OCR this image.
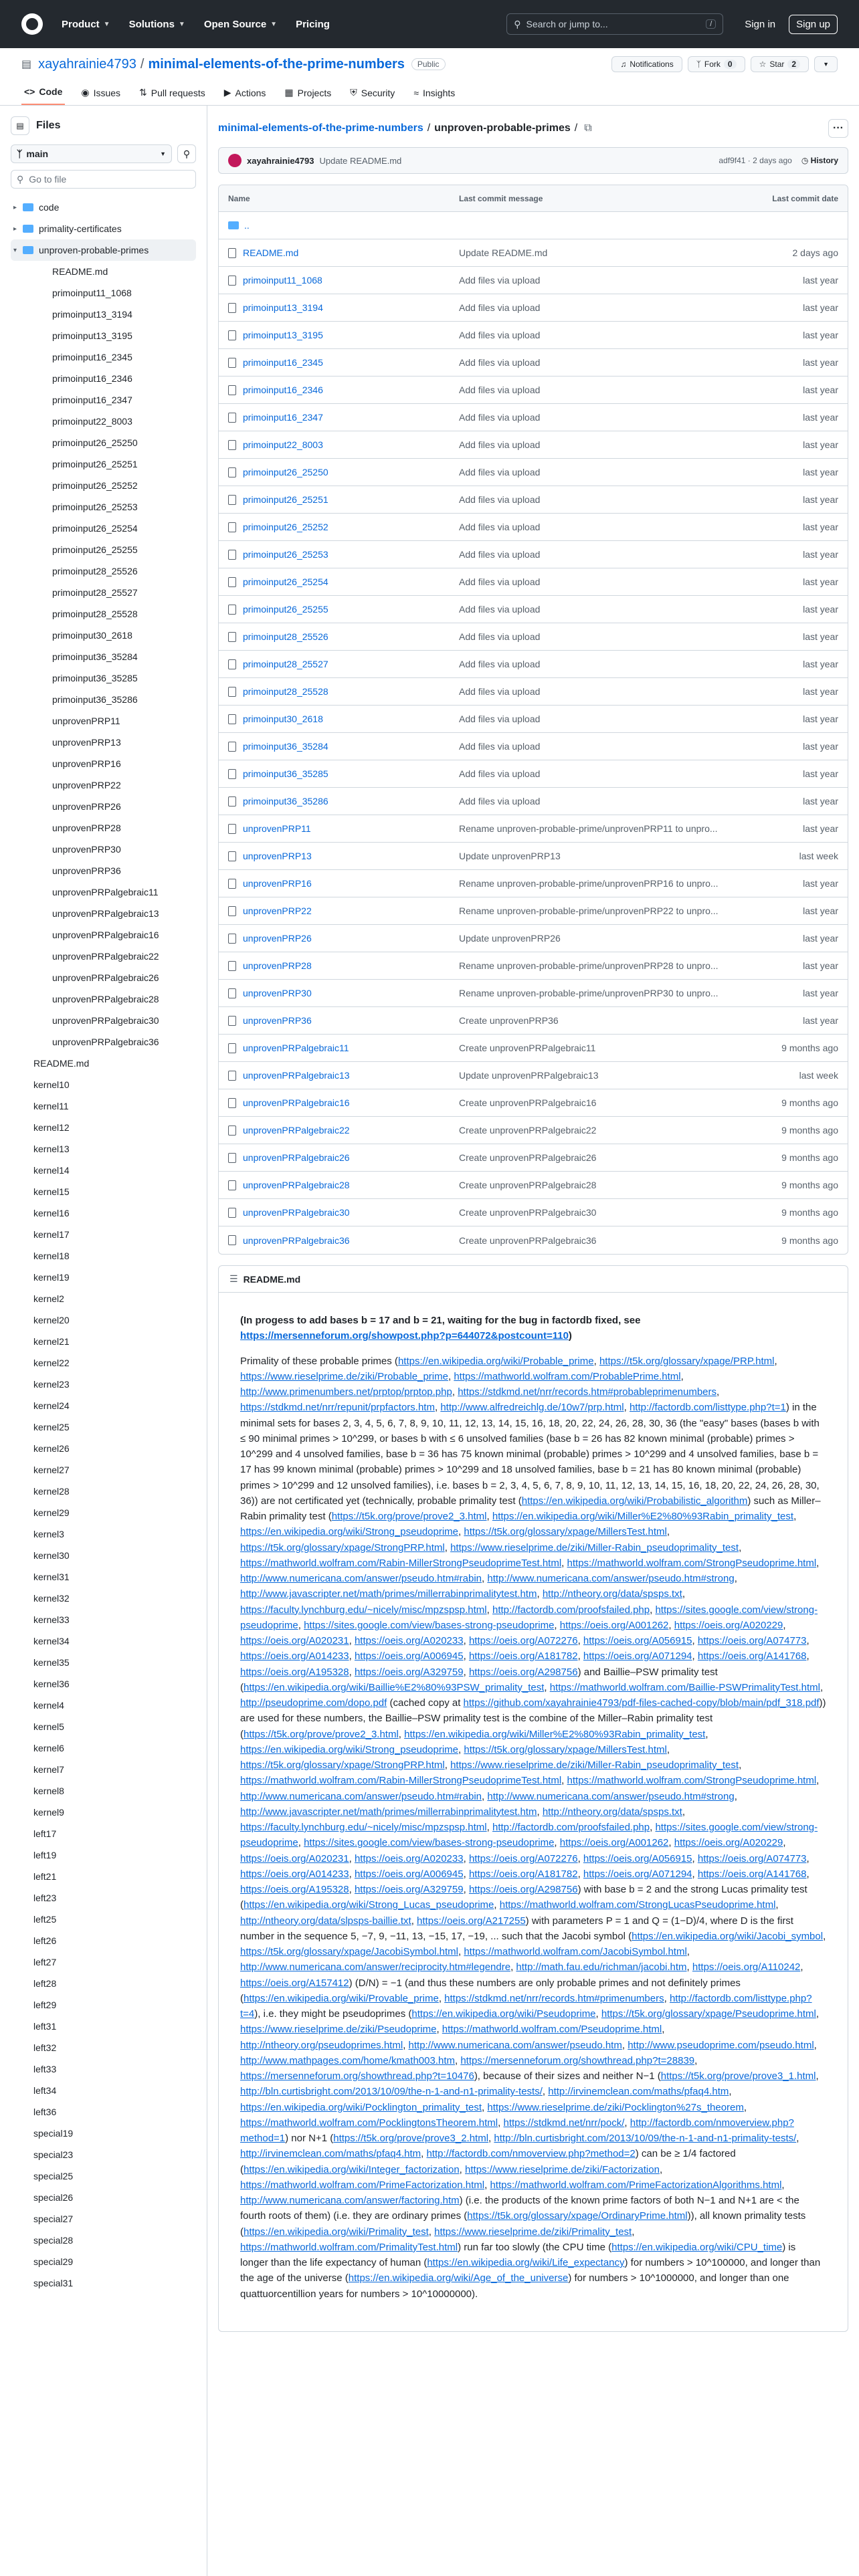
Product ▼ Solutions ▼ Open Source ▼ Pricing	⚲ Search or jump to...	/	Sign in	Sign up
▤ xayahrainie4793 / minimal-elements-of-the-prime-numbers	Public	♫ Notifications	ᛉ Fork 0	☆ Star 2	▼
<> Code ◉ Issues ⇅ Pull requests ▶ Actions ▦ Projects ⛨ Security ≈ Insights
▤	Files
ᛉ main	▼	⚲
⚲ Go to file
▸	code
▸	primality-certificates
▾	unproven-probable-primes
README.md
primoinput11_1068
primoinput13_3194
primoinput13_3195
primoinput16_2345
primoinput16_2346
primoinput16_2347
primoinput22_8003
primoinput26_25250
primoinput26_25251
primoinput26_25252
primoinput26_25253
primoinput26_25254
primoinput26_25255
primoinput28_25526
primoinput28_25527
primoinput28_25528
primoinput30_2618
primoinput36_35284
primoinput36_35285
primoinput36_35286
unprovenPRP11
unprovenPRP13
unprovenPRP16
unprovenPRP22
unprovenPRP26
unprovenPRP28
unprovenPRP30
unprovenPRP36
unprovenPRPalgebraic11
unprovenPRPalgebraic13
unprovenPRPalgebraic16
unprovenPRPalgebraic22
unprovenPRPalgebraic26
unprovenPRPalgebraic28
unprovenPRPalgebraic30
unprovenPRPalgebraic36
README.md
kernel10
kernel11
kernel12
kernel13
kernel14
kernel15
kernel16
kernel17
kernel18
kernel19
kernel2
kernel20
kernel21
kernel22
kernel23
kernel24
kernel25
kernel26
kernel27
kernel28
kernel29
kernel3
kernel30
kernel31
kernel32
kernel33
kernel34
kernel35
kernel36
kernel4
kernel5
kernel6
kernel7
kernel8
kernel9
left17
left19
left21
left23
left25
left26
left27
left28
left29
left31
left32
left33
left34
left36
special19
special23
special25
special26
special27
special28
special29
special31
minimal-elements-of-the-prime-numbers / unproven-probable-primes / ⧉	···
xayahrainie4793 Update README.md	adf9f41 · 2 days ago ◷ History
Name	Last commit message	Last commit date
..
README.md	Update README.md	2 days ago
primoinput11_1068	Add files via upload	last year
primoinput13_3194	Add files via upload	last year
primoinput13_3195	Add files via upload	last year
primoinput16_2345	Add files via upload	last year
primoinput16_2346	Add files via upload	last year
primoinput16_2347	Add files via upload	last year
primoinput22_8003	Add files via upload	last year
primoinput26_25250	Add files via upload	last year
primoinput26_25251	Add files via upload	last year
primoinput26_25252	Add files via upload	last year
primoinput26_25253	Add files via upload	last year
primoinput26_25254	Add files via upload	last year
primoinput26_25255	Add files via upload	last year
primoinput28_25526	Add files via upload	last year
primoinput28_25527	Add files via upload	last year
primoinput28_25528	Add files via upload	last year
primoinput30_2618	Add files via upload	last year
primoinput36_35284	Add files via upload	last year
primoinput36_35285	Add files via upload	last year
primoinput36_35286	Add files via upload	last year
unprovenPRP11	Rename unproven-probable-prime/unprovenPRP11 to unpro...	last year
unprovenPRP13	Update unprovenPRP13	last week
unprovenPRP16	Rename unproven-probable-prime/unprovenPRP16 to unpro...	last year
unprovenPRP22	Rename unproven-probable-prime/unprovenPRP22 to unpro...	last year
unprovenPRP26	Update unprovenPRP26	last year
unprovenPRP28	Rename unproven-probable-prime/unprovenPRP28 to unpro...	last year
unprovenPRP30	Rename unproven-probable-prime/unprovenPRP30 to unpro...	last year
unprovenPRP36	Create unprovenPRP36	last year
unprovenPRPalgebraic11	Create unprovenPRPalgebraic11	9 months ago
unprovenPRPalgebraic13	Update unprovenPRPalgebraic13	last week
unprovenPRPalgebraic16	Create unprovenPRPalgebraic16	9 months ago
unprovenPRPalgebraic22	Create unprovenPRPalgebraic22	9 months ago
unprovenPRPalgebraic26	Create unprovenPRPalgebraic26	9 months ago
unprovenPRPalgebraic28	Create unprovenPRPalgebraic28	9 months ago
unprovenPRPalgebraic30	Create unprovenPRPalgebraic30	9 months ago
unprovenPRPalgebraic36	Create unprovenPRPalgebraic36	9 months ago
☰ README.md

(In progess to add bases b = 17 and b = 21, waiting for the bug in factordb fixed, see https://mersenneforum.org/showpost.php?p=644072&postcount=110)

Primality of these probable primes (https://en.wikipedia.org/wiki/Probable_prime, https://t5k.org/glossary/xpage/PRP.html, https://www.rieselprime.de/ziki/Probable_prime, https://mathworld.wolfram.com/ProbablePrime.html, http://www.primenumbers.net/prptop/prptop.php, https://stdkmd.net/nrr/records.htm#probableprimenumbers, https://stdkmd.net/nrr/repunit/prpfactors.htm, http://www.alfredreichlg.de/10w7/prp.html, http://factordb.com/listtype.php?t=1) in the minimal sets for bases 2, 3, 4, 5, 6, 7, 8, 9, 10, 11, 12, 13, 14, 15, 16, 18, 20, 22, 24, 26, 28, 30, 36 (the "easy" bases (bases b with ≤ 90 minimal primes > 10^299, or bases b with ≤ 6 unsolved families (base b = 26 has 82 known minimal (probable) primes > 10^299 and 4 unsolved families, base b = 36 has 75 known minimal (probable) primes > 10^299 and 4 unsolved families, base b = 17 has 99 known minimal (probable) primes > 10^299 and 18 unsolved families, base b = 21 has 80 known minimal (probable) primes > 10^299 and 12 unsolved families), i.e. bases b = 2, 3, 4, 5, 6, 7, 8, 9, 10, 11, 12, 13, 14, 15, 16, 18, 20, 22, 24, 26, 28, 30, 36)) are not certificated yet (technically, probable primality test (https://en.wikipedia.org/wiki/Probabilistic_algorithm) such as Miller–Rabin primality test (https://t5k.org/prove/prove2_3.html, https://en.wikipedia.org/wiki/Miller%E2%80%93Rabin_primality_test, https://en.wikipedia.org/wiki/Strong_pseudoprime, https://t5k.org/glossary/xpage/MillersTest.html, https://t5k.org/glossary/xpage/StrongPRP.html, https://www.rieselprime.de/ziki/Miller-Rabin_pseudoprimality_test, https://mathworld.wolfram.com/Rabin-MillerStrongPseudoprimeTest.html, https://mathworld.wolfram.com/StrongPseudoprime.html, http://www.numericana.com/answer/pseudo.htm#rabin, http://www.numericana.com/answer/pseudo.htm#strong, http://www.javascripter.net/math/primes/millerrabinprimalitytest.htm, http://ntheory.org/data/spsps.txt, https://faculty.lynchburg.edu/~nicely/misc/mpzspsp.html, http://factordb.com/proofsfailed.php, https://sites.google.com/view/strong-pseudoprime, https://sites.google.com/view/bases-strong-pseudoprime, https://oeis.org/A001262, https://oeis.org/A020229, https://oeis.org/A020231, https://oeis.org/A020233, https://oeis.org/A072276, https://oeis.org/A056915, https://oeis.org/A074773, https://oeis.org/A014233, https://oeis.org/A006945, https://oeis.org/A181782, https://oeis.org/A071294, https://oeis.org/A141768, https://oeis.org/A195328, https://oeis.org/A329759, https://oeis.org/A298756) and Baillie–PSW primality test (https://en.wikipedia.org/wiki/Baillie%E2%80%93PSW_primality_test, https://mathworld.wolfram.com/Baillie-PSWPrimalityTest.html, http://pseudoprime.com/dopo.pdf (cached copy at https://github.com/xayahrainie4793/pdf-files-cached-copy/blob/main/pdf_318.pdf)) are used for these numbers, the Baillie–PSW primality test is the combine of the Miller–Rabin primality test (https://t5k.org/prove/prove2_3.html, https://en.wikipedia.org/wiki/Miller%E2%80%93Rabin_primality_test, https://en.wikipedia.org/wiki/Strong_pseudoprime, https://t5k.org/glossary/xpage/MillersTest.html, https://t5k.org/glossary/xpage/StrongPRP.html, https://www.rieselprime.de/ziki/Miller-Rabin_pseudoprimality_test, https://mathworld.wolfram.com/Rabin-MillerStrongPseudoprimeTest.html, https://mathworld.wolfram.com/StrongPseudoprime.html, http://www.numericana.com/answer/pseudo.htm#rabin, http://www.numericana.com/answer/pseudo.htm#strong, http://www.javascripter.net/math/primes/millerrabinprimalitytest.htm, http://ntheory.org/data/spsps.txt, https://faculty.lynchburg.edu/~nicely/misc/mpzspsp.html, http://factordb.com/proofsfailed.php, https://sites.google.com/view/strong-pseudoprime, https://sites.google.com/view/bases-strong-pseudoprime, https://oeis.org/A001262, https://oeis.org/A020229, https://oeis.org/A020231, https://oeis.org/A020233, https://oeis.org/A072276, https://oeis.org/A056915, https://oeis.org/A074773, https://oeis.org/A014233, https://oeis.org/A006945, https://oeis.org/A181782, https://oeis.org/A071294, https://oeis.org/A141768, https://oeis.org/A195328, https://oeis.org/A329759, https://oeis.org/A298756) with base b = 2 and the strong Lucas primality test (https://en.wikipedia.org/wiki/Strong_Lucas_pseudoprime, https://mathworld.wolfram.com/StrongLucasPseudoprime.html, http://ntheory.org/data/slpsps-baillie.txt, https://oeis.org/A217255) with parameters P = 1 and Q = (1−D)/4, where D is the first number in the sequence 5, −7, 9, −11, 13, −15, 17, −19, ... such that the Jacobi symbol (https://en.wikipedia.org/wiki/Jacobi_symbol, https://t5k.org/glossary/xpage/JacobiSymbol.html, https://mathworld.wolfram.com/JacobiSymbol.html, http://www.numericana.com/answer/reciprocity.htm#legendre, http://math.fau.edu/richman/jacobi.htm, https://oeis.org/A110242, https://oeis.org/A157412) (D/N) = −1 (and thus these numbers are only probable primes and not definitely primes (https://en.wikipedia.org/wiki/Provable_prime, https://stdkmd.net/nrr/records.htm#primenumbers, http://factordb.com/listtype.php?t=4), i.e. they might be pseudoprimes (https://en.wikipedia.org/wiki/Pseudoprime, https://t5k.org/glossary/xpage/Pseudoprime.html, https://www.rieselprime.de/ziki/Pseudoprime, https://mathworld.wolfram.com/Pseudoprime.html, http://ntheory.org/pseudoprimes.html, http://www.numericana.com/answer/pseudo.htm, http://www.pseudoprime.com/pseudo.html, http://www.mathpages.com/home/kmath003.htm, https://mersenneforum.org/showthread.php?t=28839, https://mersenneforum.org/showthread.php?t=10476), because of their sizes and neither N−1 (https://t5k.org/prove/prove3_1.html, http://bln.curtisbright.com/2013/10/09/the-n-1-and-n1-primality-tests/, http://irvinemclean.com/maths/pfaq4.htm, https://en.wikipedia.org/wiki/Pocklington_primality_test, https://www.rieselprime.de/ziki/Pocklington%27s_theorem, https://mathworld.wolfram.com/PocklingtonsTheorem.html, https://stdkmd.net/nrr/pock/, http://factordb.com/nmoverview.php?method=1) nor N+1 (https://t5k.org/prove/prove3_2.html, http://bln.curtisbright.com/2013/10/09/the-n-1-and-n1-primality-tests/, http://irvinemclean.com/maths/pfaq4.htm, http://factordb.com/nmoverview.php?method=2) can be ≥ 1/4 factored (https://en.wikipedia.org/wiki/Integer_factorization, https://www.rieselprime.de/ziki/Factorization, https://mathworld.wolfram.com/PrimeFactorization.html, https://mathworld.wolfram.com/PrimeFactorizationAlgorithms.html, http://www.numericana.com/answer/factoring.htm) (i.e. the products of the known prime factors of both N−1 and N+1 are < the fourth roots of them) (i.e. they are ordinary primes (https://t5k.org/glossary/xpage/OrdinaryPrime.html)), all known primality tests (https://en.wikipedia.org/wiki/Primality_test, https://www.rieselprime.de/ziki/Primality_test, https://mathworld.wolfram.com/PrimalityTest.html) run far too slowly (the CPU time (https://en.wikipedia.org/wiki/CPU_time) is longer than the life expectancy of human (https://en.wikipedia.org/wiki/Life_expectancy) for numbers > 10^100000, and longer than the age of the universe (https://en.wikipedia.org/wiki/Age_of_the_universe) for numbers > 10^1000000, and longer than one quattuorcentillion years for numbers > 10^10000000).
